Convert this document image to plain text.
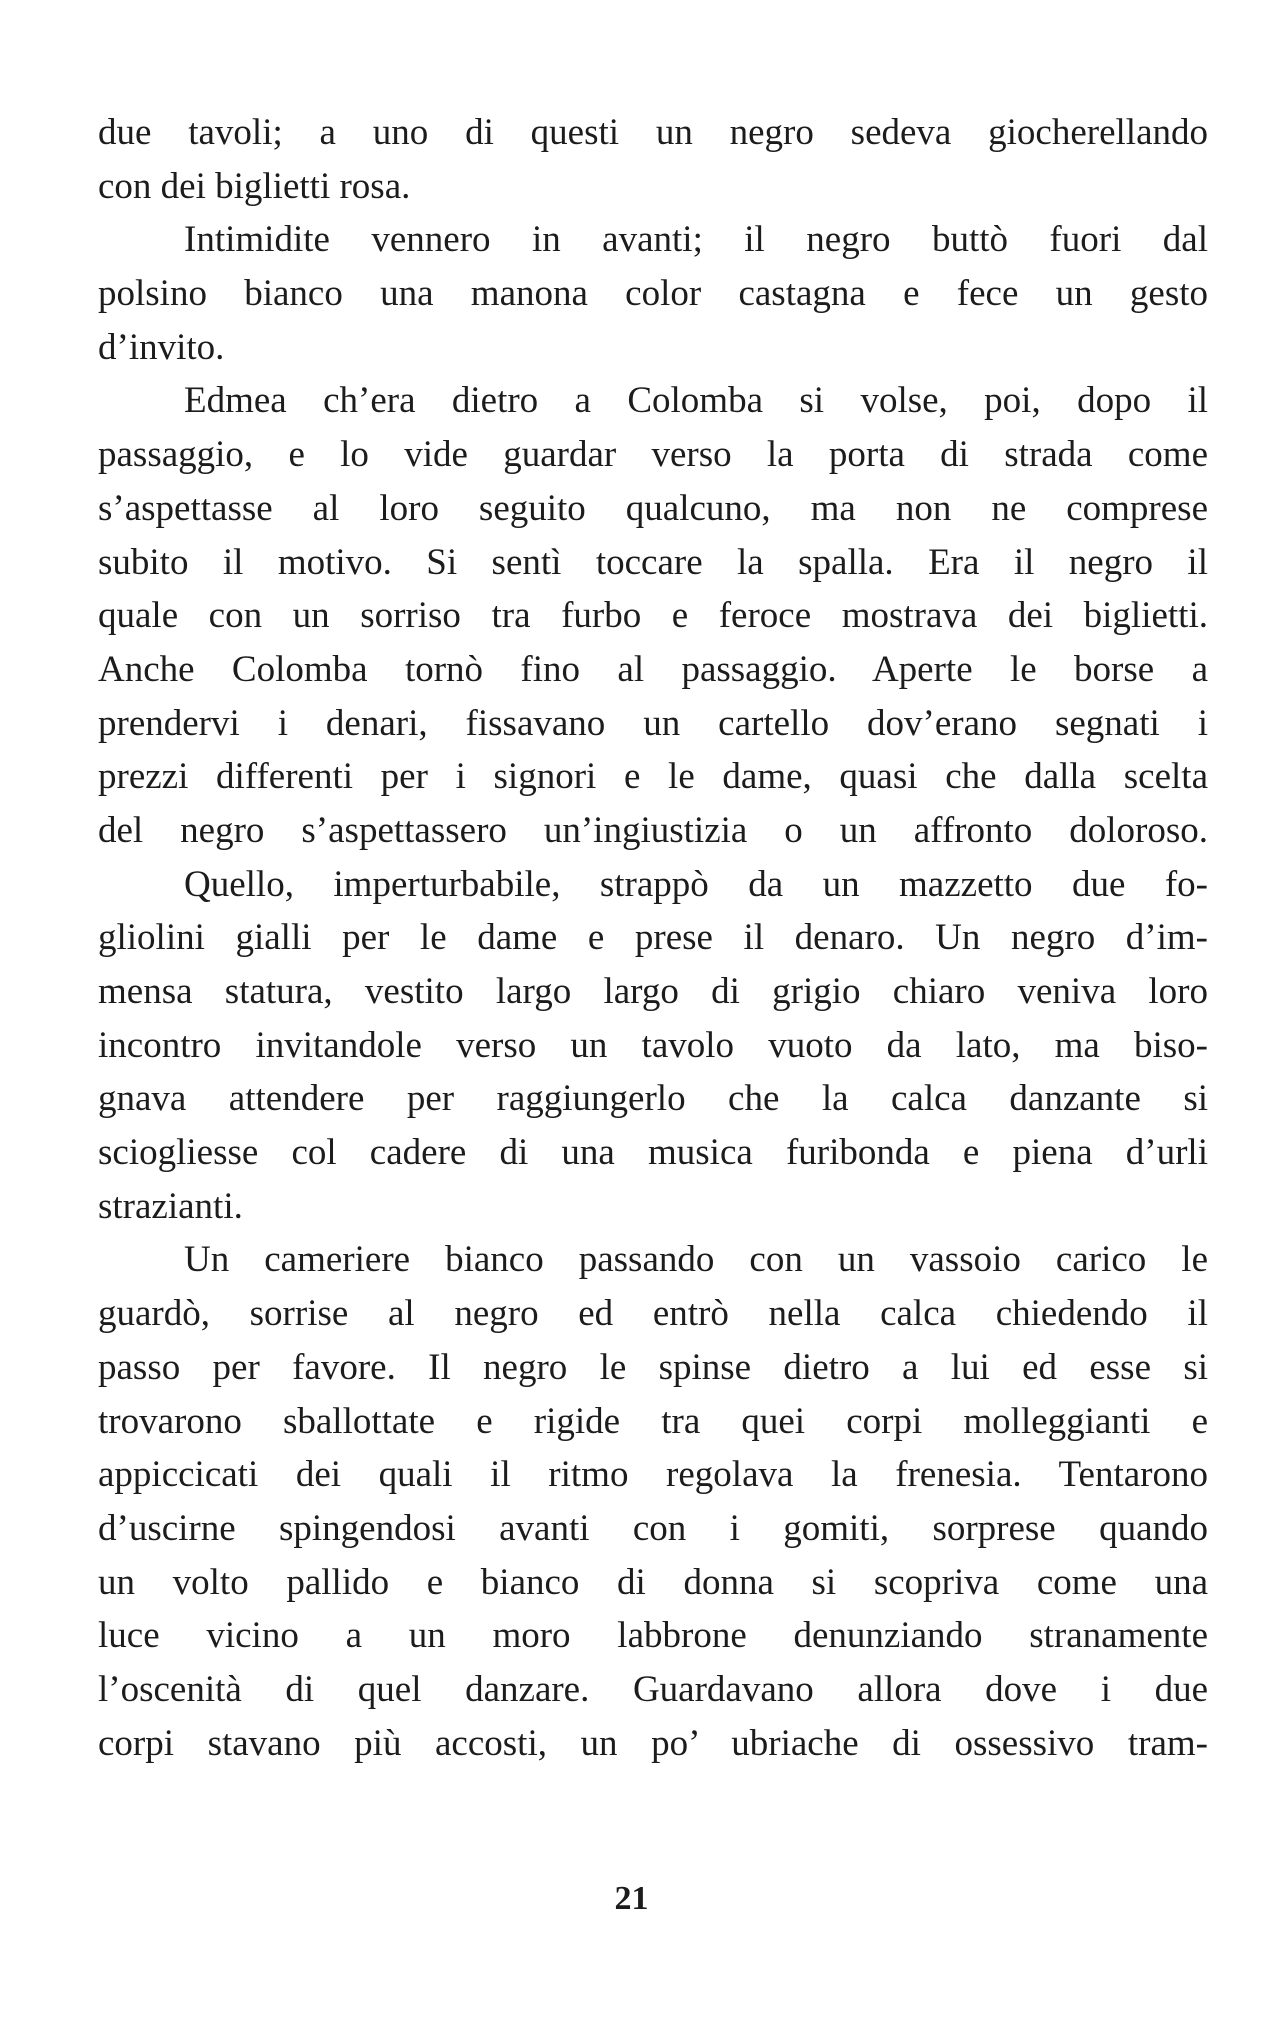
due tavoli; a uno di questi un negro sedeva giocherellando
con dei biglietti rosa.
Intimidite vennero in avanti; il negro buttò fuori dal
polsino bianco una manona color castagna e fece un gesto
d’invito.
Edmea ch’era dietro a Colomba si volse, poi, dopo il
passaggio, e lo vide guardar verso la porta di strada come
s’aspettasse al loro seguito qualcuno, ma non ne comprese
subito il motivo. Si sentì toccare la spalla. Era il negro il
quale con un sorriso tra furbo e feroce mostrava dei biglietti.
Anche Colomba tornò fino al passaggio. Aperte le borse a
prendervi i denari, fissavano un cartello dov’erano segnati i
prezzi differenti per i signori e le dame, quasi che dalla scelta
del negro s’aspettassero un’ingiustizia o un affronto doloroso.
Quello, imperturbabile, strappò da un mazzetto due fo-
gliolini gialli per le dame e prese il denaro. Un negro d’im-
mensa statura, vestito largo largo di grigio chiaro veniva loro
incontro invitandole verso un tavolo vuoto da lato, ma biso-
gnava attendere per raggiungerlo che la calca danzante si
sciogliesse col cadere di una musica furibonda e piena d’urli
strazianti.
Un cameriere bianco passando con un vassoio carico le
guardò, sorrise al negro ed entrò nella calca chiedendo il
passo per favore. Il negro le spinse dietro a lui ed esse si
trovarono sballottate e rigide tra quei corpi molleggianti e
appiccicati dei quali il ritmo regolava la frenesia. Tentarono
d’uscirne spingendosi avanti con i gomiti, sorprese quando
un volto pallido e bianco di donna si scopriva come una
luce vicino a un moro labbrone denunziando stranamente
l’oscenità di quel danzare. Guardavano allora dove i due
corpi stavano più accosti, un po’ ubriache di ossessivo tram-
21
